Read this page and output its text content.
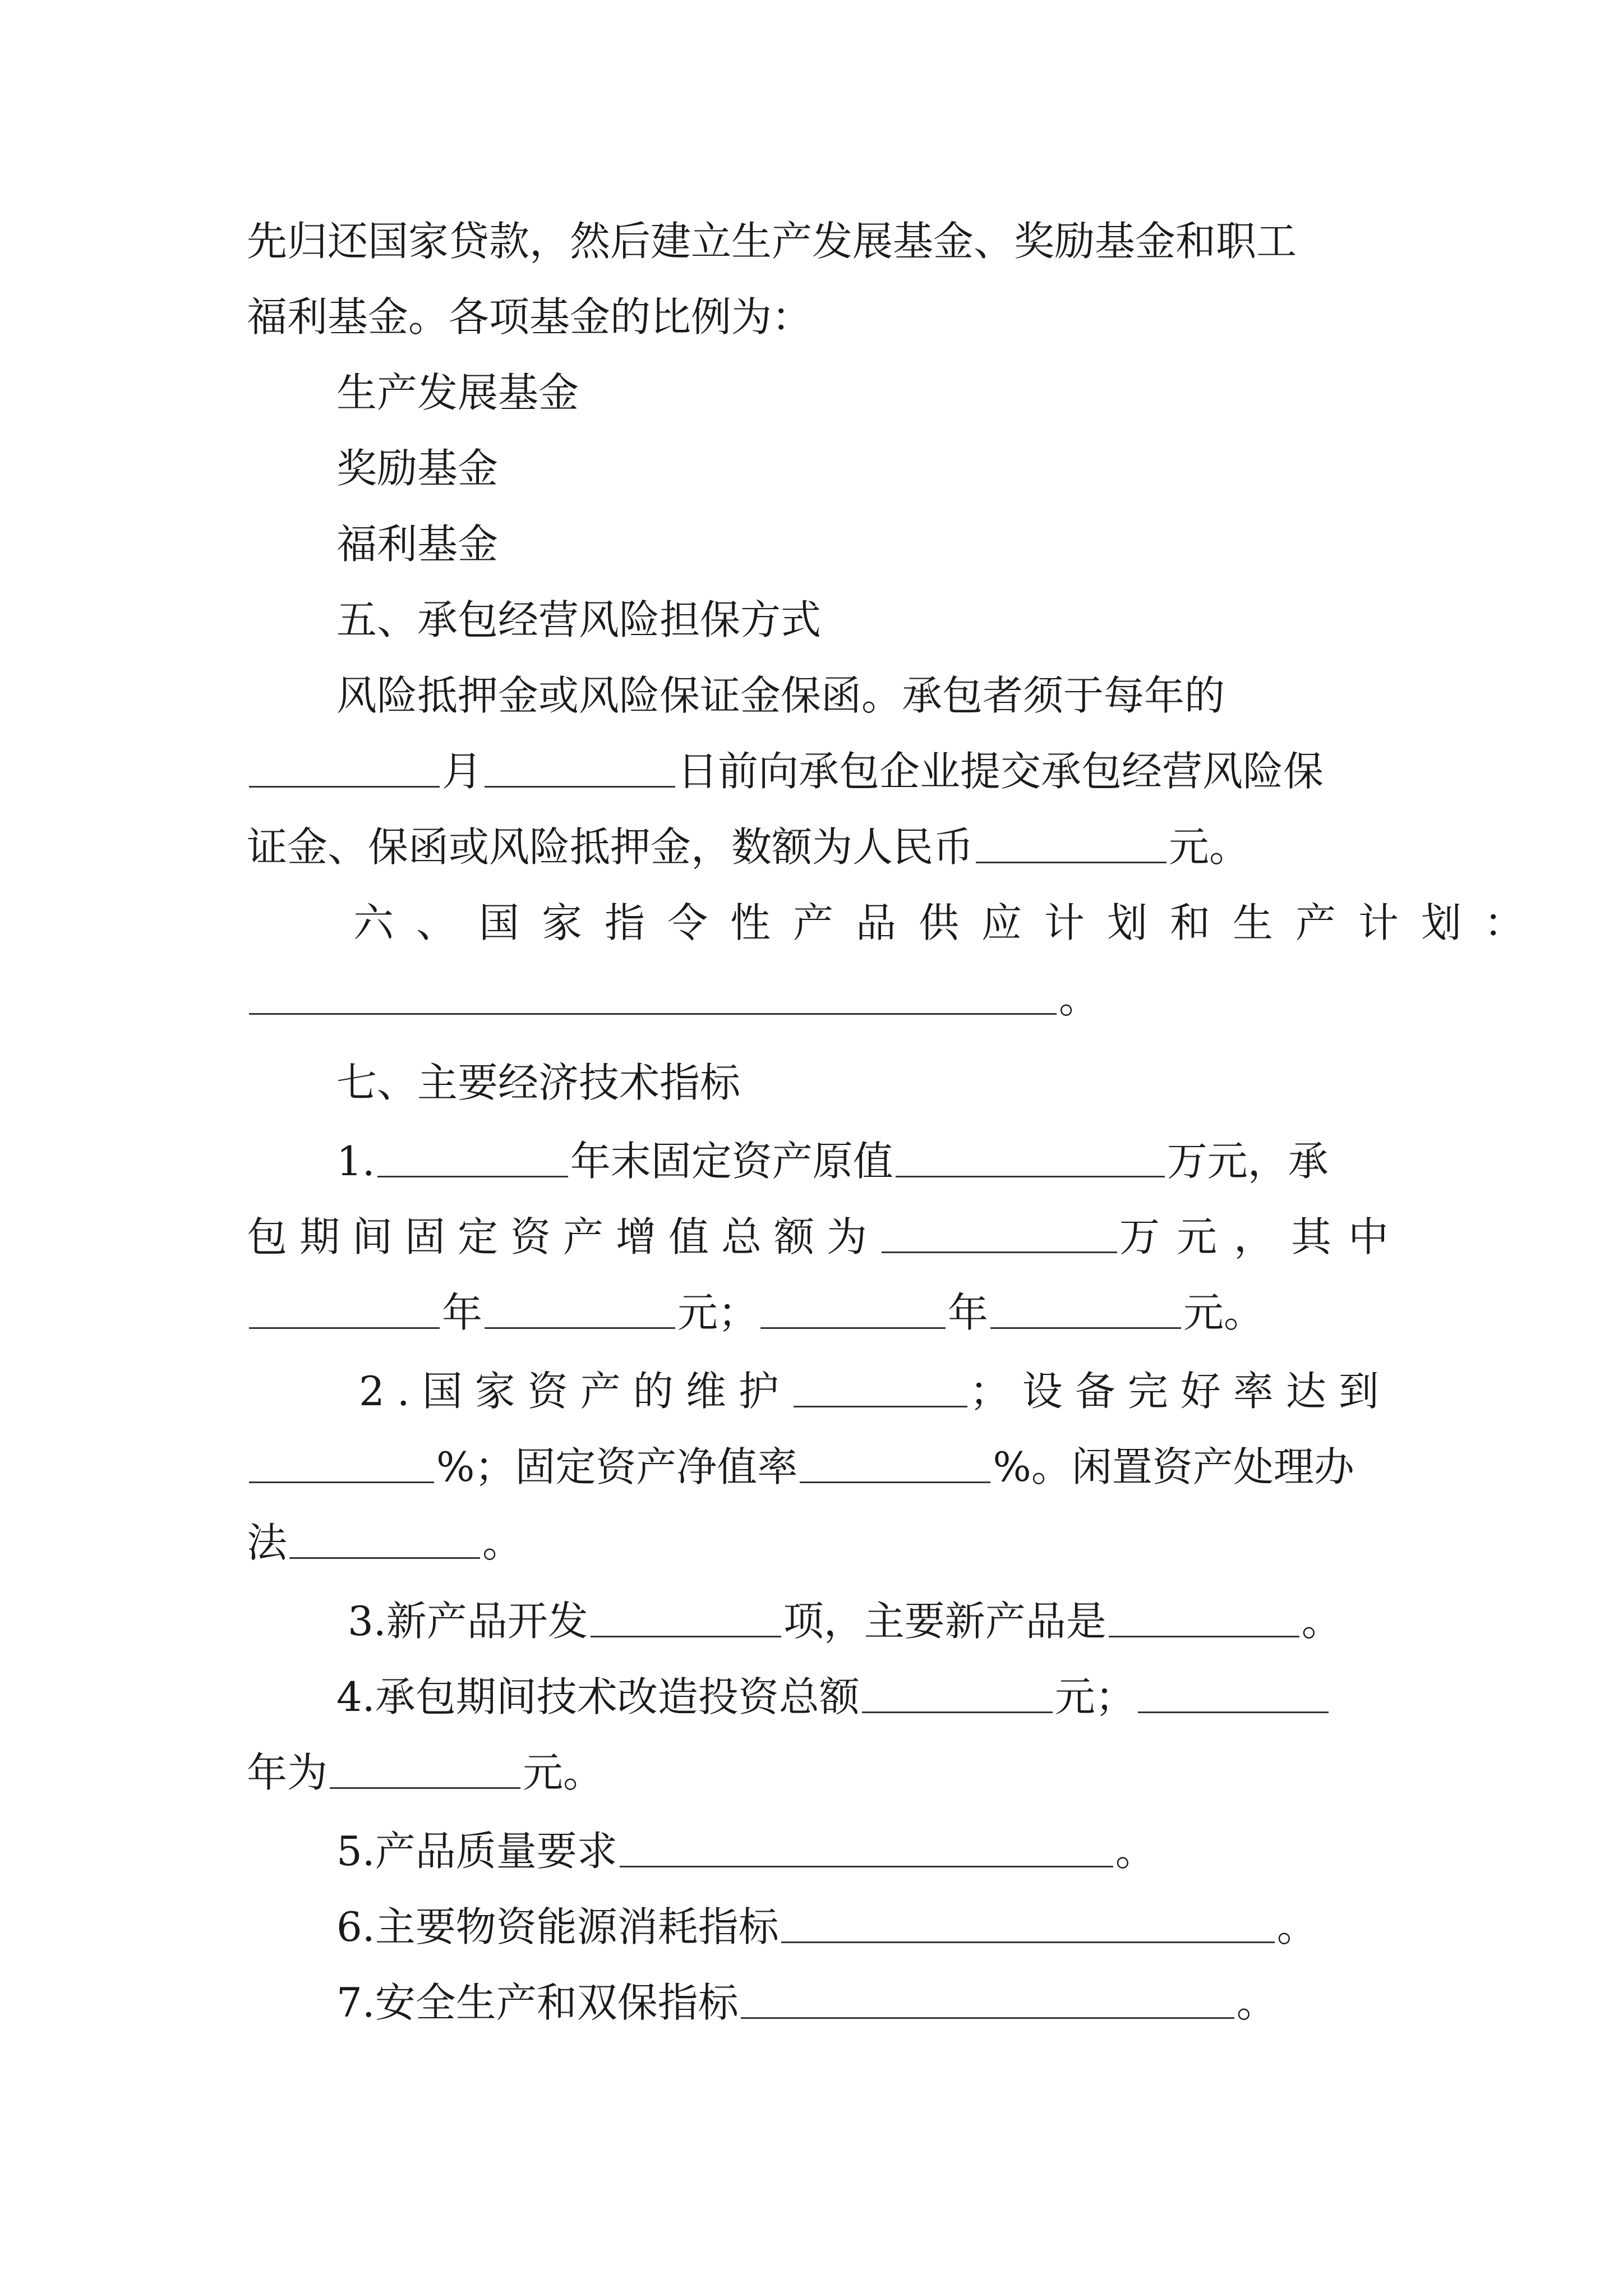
先归还国家贷款，然后建立生产发展基金、奖励基金和职工
福利基金。各项基金的比例为：
生产发展基金
奖励基金
福利基金
五、承包经营风险担保方式
风险抵押金或风险保证金保函。承包者须于每年的
月	日前向承包企业提交承包经营风险保
证金、保函或风险抵押金，数额为人民币	元。
六、国家指令性产品供应计划和生产计划：
。
七、主要经济技术指标
1.	年末固定资产原值	万元，承
包期间固定资产增值总额为	万元，其中
年	元；	年	元。
2.国家资产的维护	；设备完好率达到
%；固定资产净值率	%。闲置资产处理办
法	。
3.新产品开发	项，主要新产品是	。
4.承包期间技术改造投资总额	元；
年为	元。
5.产品质量要求	。
6.主要物资能源消耗指标	。
7.安全生产和双保指标	。
